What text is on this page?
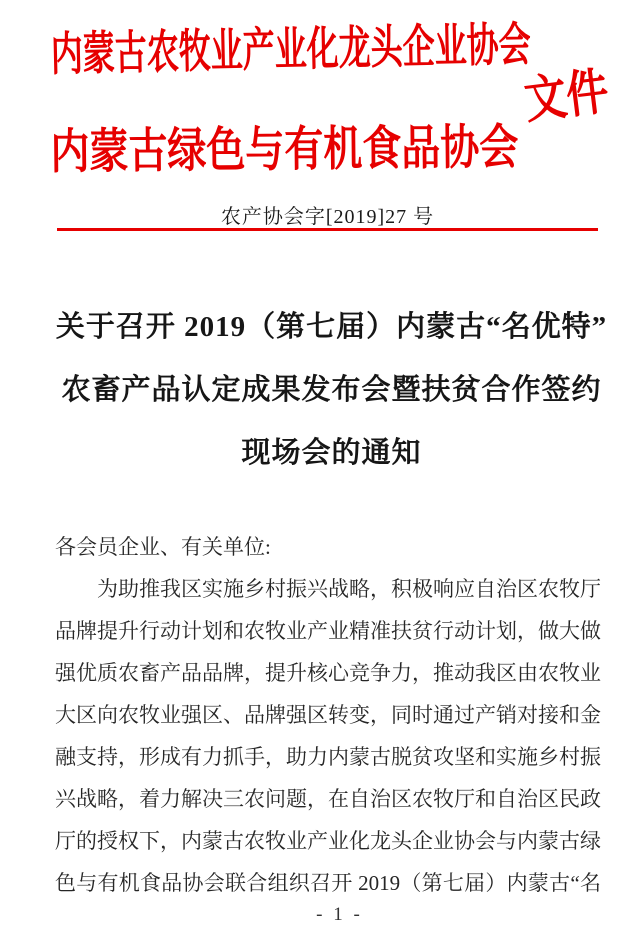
内蒙古农牧业产业化龙头企业协会
文件
内蒙古绿色与有机食品协会
农产协会字[2019]27 号
关于召开 2019（第七届）内蒙古“名优特”
农畜产品认定成果发布会暨扶贫合作签约
现场会的通知
各会员企业、有关单位:
为助推我区实施乡村振兴战略，积极响应自治区农牧厅
品牌提升行动计划和农牧业产业精准扶贫行动计划，做大做
强优质农畜产品品牌，提升核心竞争力，推动我区由农牧业
大区向农牧业强区、品牌强区转变，同时通过产销对接和金
融支持，形成有力抓手，助力内蒙古脱贫攻坚和实施乡村振
兴战略，着力解决三农问题，在自治区农牧厅和自治区民政
厅的授权下，内蒙古农牧业产业化龙头企业协会与内蒙古绿
色与有机食品协会联合组织召开 2019（第七届）内蒙古“名
- 1 -
